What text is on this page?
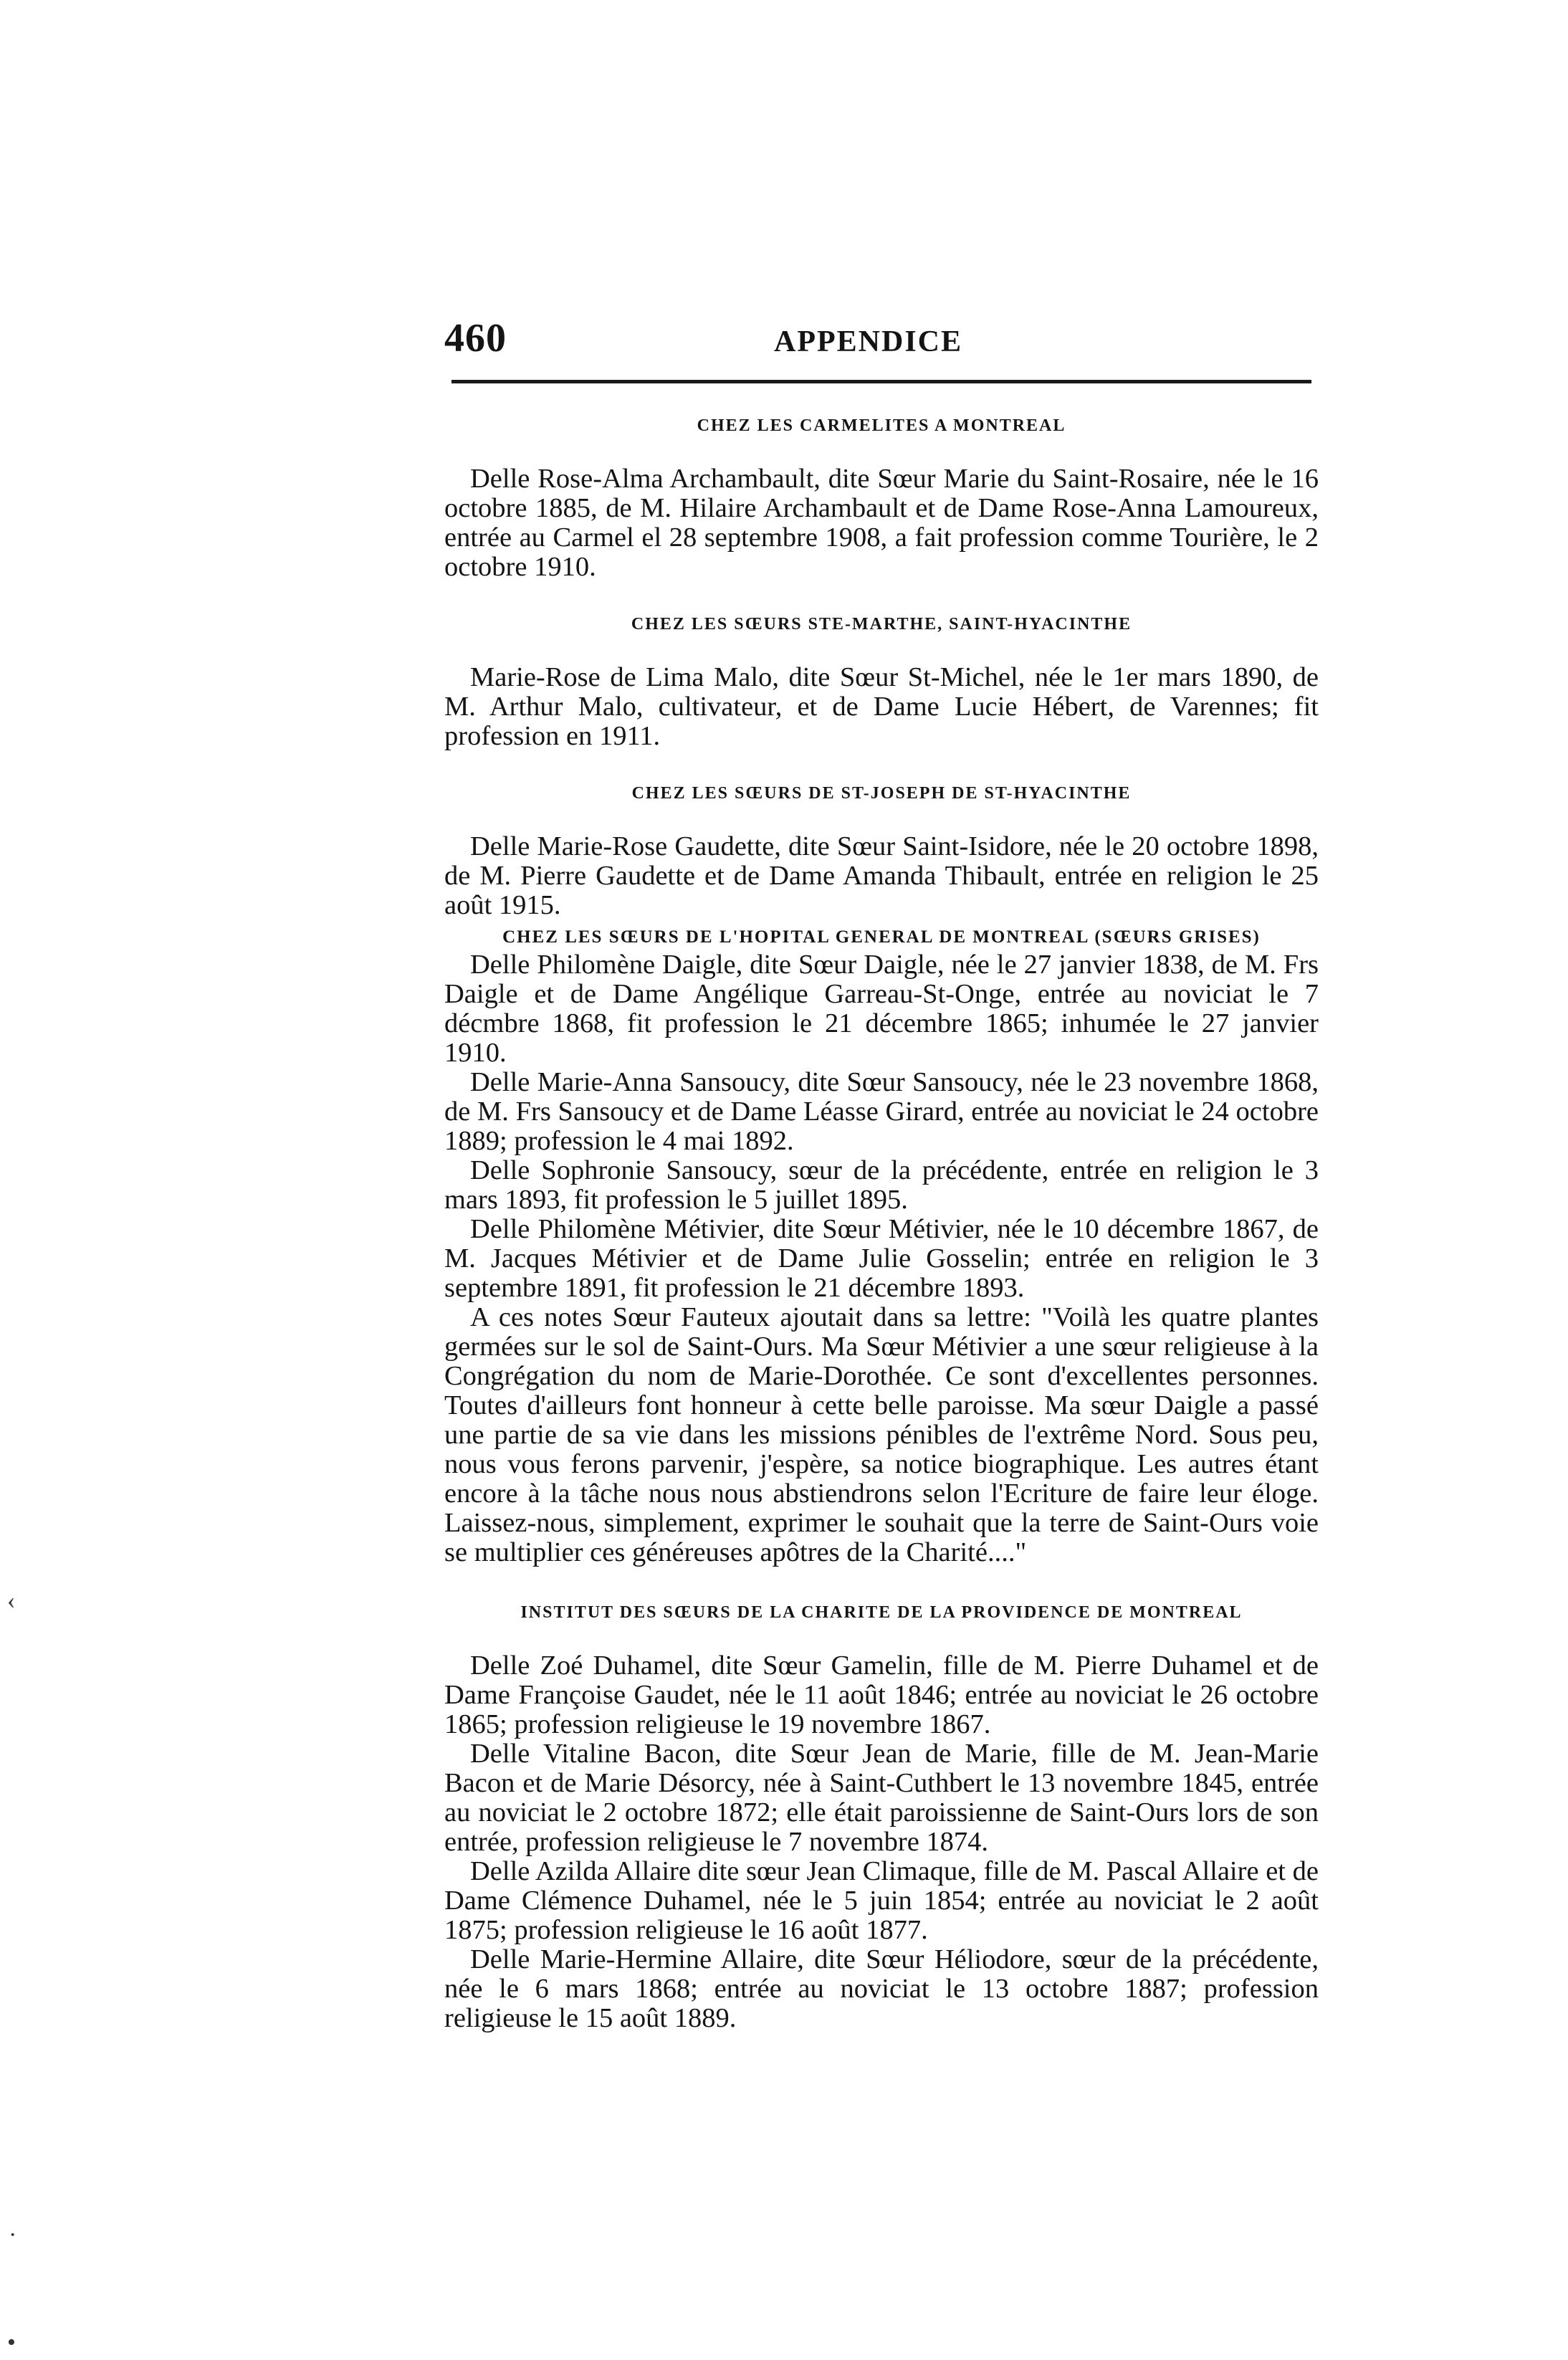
460	APPENDICE
CHEZ LES CARMELITES A MONTREAL

Delle Rose-Alma Archambault, dite Sœur Marie du Saint-Rosaire, née le 16 octobre 1885, de M. Hilaire Archambault et de Dame Rose-Anna Lamoureux, entrée au Carmel el 28 septembre 1908, a fait profession comme Tourière, le 2 octobre 1910.

CHEZ LES SŒURS STE-MARTHE, SAINT-HYACINTHE

Marie-Rose de Lima Malo, dite Sœur St-Michel, née le 1er mars 1890, de M. Arthur Malo, cultivateur, et de Dame Lucie Hébert, de Varennes; fit profession en 1911.

CHEZ LES SŒURS DE ST-JOSEPH DE ST-HYACINTHE

Delle Marie-Rose Gaudette, dite Sœur Saint-Isidore, née le 20 octobre 1898, de M. Pierre Gaudette et de Dame Amanda Thibault, entrée en religion le 25 août 1915.

CHEZ LES SŒURS DE L'HOPITAL GENERAL DE MONTREAL (SŒURS GRISES)

Delle Philomène Daigle, dite Sœur Daigle, née le 27 janvier 1838, de M. Frs Daigle et de Dame Angélique Garreau-St-Onge, entrée au noviciat le 7 décmbre 1868, fit profession le 21 décembre 1865; inhumée le 27 janvier 1910.

Delle Marie-Anna Sansoucy, dite Sœur Sansoucy, née le 23 novembre 1868, de M. Frs Sansoucy et de Dame Léasse Girard, entrée au noviciat le 24 octobre 1889; profession le 4 mai 1892.

Delle Sophronie Sansoucy, sœur de la précédente, entrée en religion le 3 mars 1893, fit profession le 5 juillet 1895.

Delle Philomène Métivier, dite Sœur Métivier, née le 10 décembre 1867, de M. Jacques Métivier et de Dame Julie Gosselin; entrée en religion le 3 septembre 1891, fit profession le 21 décembre 1893.

A ces notes Sœur Fauteux ajoutait dans sa lettre: "Voilà les quatre plantes germées sur le sol de Saint-Ours. Ma Sœur Métivier a une sœur religieuse à la Congrégation du nom de Marie-Dorothée. Ce sont d'excellentes personnes. Toutes d'ailleurs font honneur à cette belle paroisse. Ma sœur Daigle a passé une partie de sa vie dans les missions pénibles de l'extrême Nord. Sous peu, nous vous ferons parvenir, j'espère, sa notice biographique. Les autres étant encore à la tâche nous nous abstiendrons selon l'Ecriture de faire leur éloge. Laissez-nous, simplement, exprimer le souhait que la terre de Saint-Ours voie se multiplier ces généreuses apôtres de la Charité...."

INSTITUT DES SŒURS DE LA CHARITE DE LA PROVIDENCE DE MONTREAL

Delle Zoé Duhamel, dite Sœur Gamelin, fille de M. Pierre Duhamel et de Dame Françoise Gaudet, née le 11 août 1846; entrée au noviciat le 26 octobre 1865; profession religieuse le 19 novembre 1867.

Delle Vitaline Bacon, dite Sœur Jean de Marie, fille de M. Jean-Marie Bacon et de Marie Désorcy, née à Saint-Cuthbert le 13 novembre 1845, entrée au noviciat le 2 octobre 1872; elle était paroissienne de Saint-Ours lors de son entrée, profession religieuse le 7 novembre 1874.

Delle Azilda Allaire dite sœur Jean Climaque, fille de M. Pascal Allaire et de Dame Clémence Duhamel, née le 5 juin 1854; entrée au noviciat le 2 août 1875; profession religieuse le 16 août 1877.

Delle Marie-Hermine Allaire, dite Sœur Héliodore, sœur de la précédente, née le 6 mars 1868; entrée au noviciat le 13 octobre 1887; profession religieuse le 15 août 1889.

‹
·
•
